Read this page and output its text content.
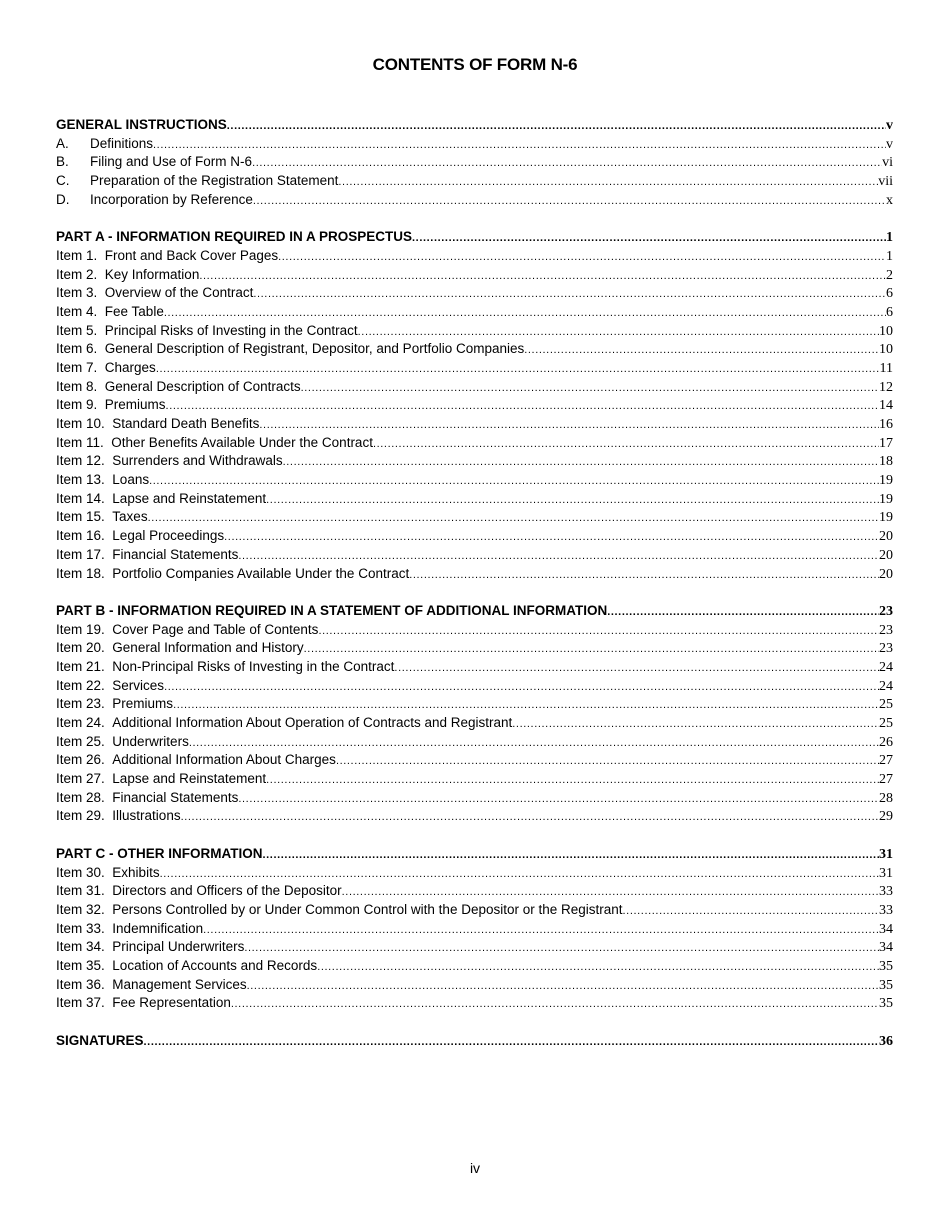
CONTENTS OF FORM N-6
GENERAL INSTRUCTIONS .....	v
A. Definitions .....	v
B. Filing and Use of Form N-6 .....	vi
C. Preparation of the Registration Statement .....	vii
D. Incorporation by Reference .....	x
PART A - INFORMATION REQUIRED IN A PROSPECTUS .....	1
Item 1. Front and Back Cover Pages .....	1
Item 2. Key Information .....	2
Item 3. Overview of the Contract .....	6
Item 4. Fee Table .....	6
Item 5. Principal Risks of Investing in the Contract .....	10
Item 6. General Description of Registrant, Depositor, and Portfolio Companies .....	10
Item 7. Charges .....	11
Item 8. General Description of Contracts .....	12
Item 9. Premiums .....	14
Item 10. Standard Death Benefits .....	16
Item 11. Other Benefits Available Under the Contract .....	17
Item 12. Surrenders and Withdrawals .....	18
Item 13. Loans .....	19
Item 14. Lapse and Reinstatement .....	19
Item 15. Taxes .....	19
Item 16. Legal Proceedings .....	20
Item 17. Financial Statements .....	20
Item 18. Portfolio Companies Available Under the Contract .....	20
PART B - INFORMATION REQUIRED IN A STATEMENT OF ADDITIONAL INFORMATION .....	23
Item 19. Cover Page and Table of Contents .....	23
Item 20. General Information and History .....	23
Item 21. Non-Principal Risks of Investing in the Contract .....	24
Item 22. Services .....	24
Item 23. Premiums .....	25
Item 24. Additional Information About Operation of Contracts and Registrant .....	25
Item 25. Underwriters .....	26
Item 26. Additional Information About Charges .....	27
Item 27. Lapse and Reinstatement .....	27
Item 28. Financial Statements .....	28
Item 29. Illustrations .....	29
PART C - OTHER INFORMATION .....	31
Item 30. Exhibits .....	31
Item 31. Directors and Officers of the Depositor .....	33
Item 32. Persons Controlled by or Under Common Control with the Depositor or the Registrant .....	33
Item 33. Indemnification .....	34
Item 34. Principal Underwriters .....	34
Item 35. Location of Accounts and Records .....	35
Item 36. Management Services .....	35
Item 37. Fee Representation .....	35
SIGNATURES .....	36
iv
